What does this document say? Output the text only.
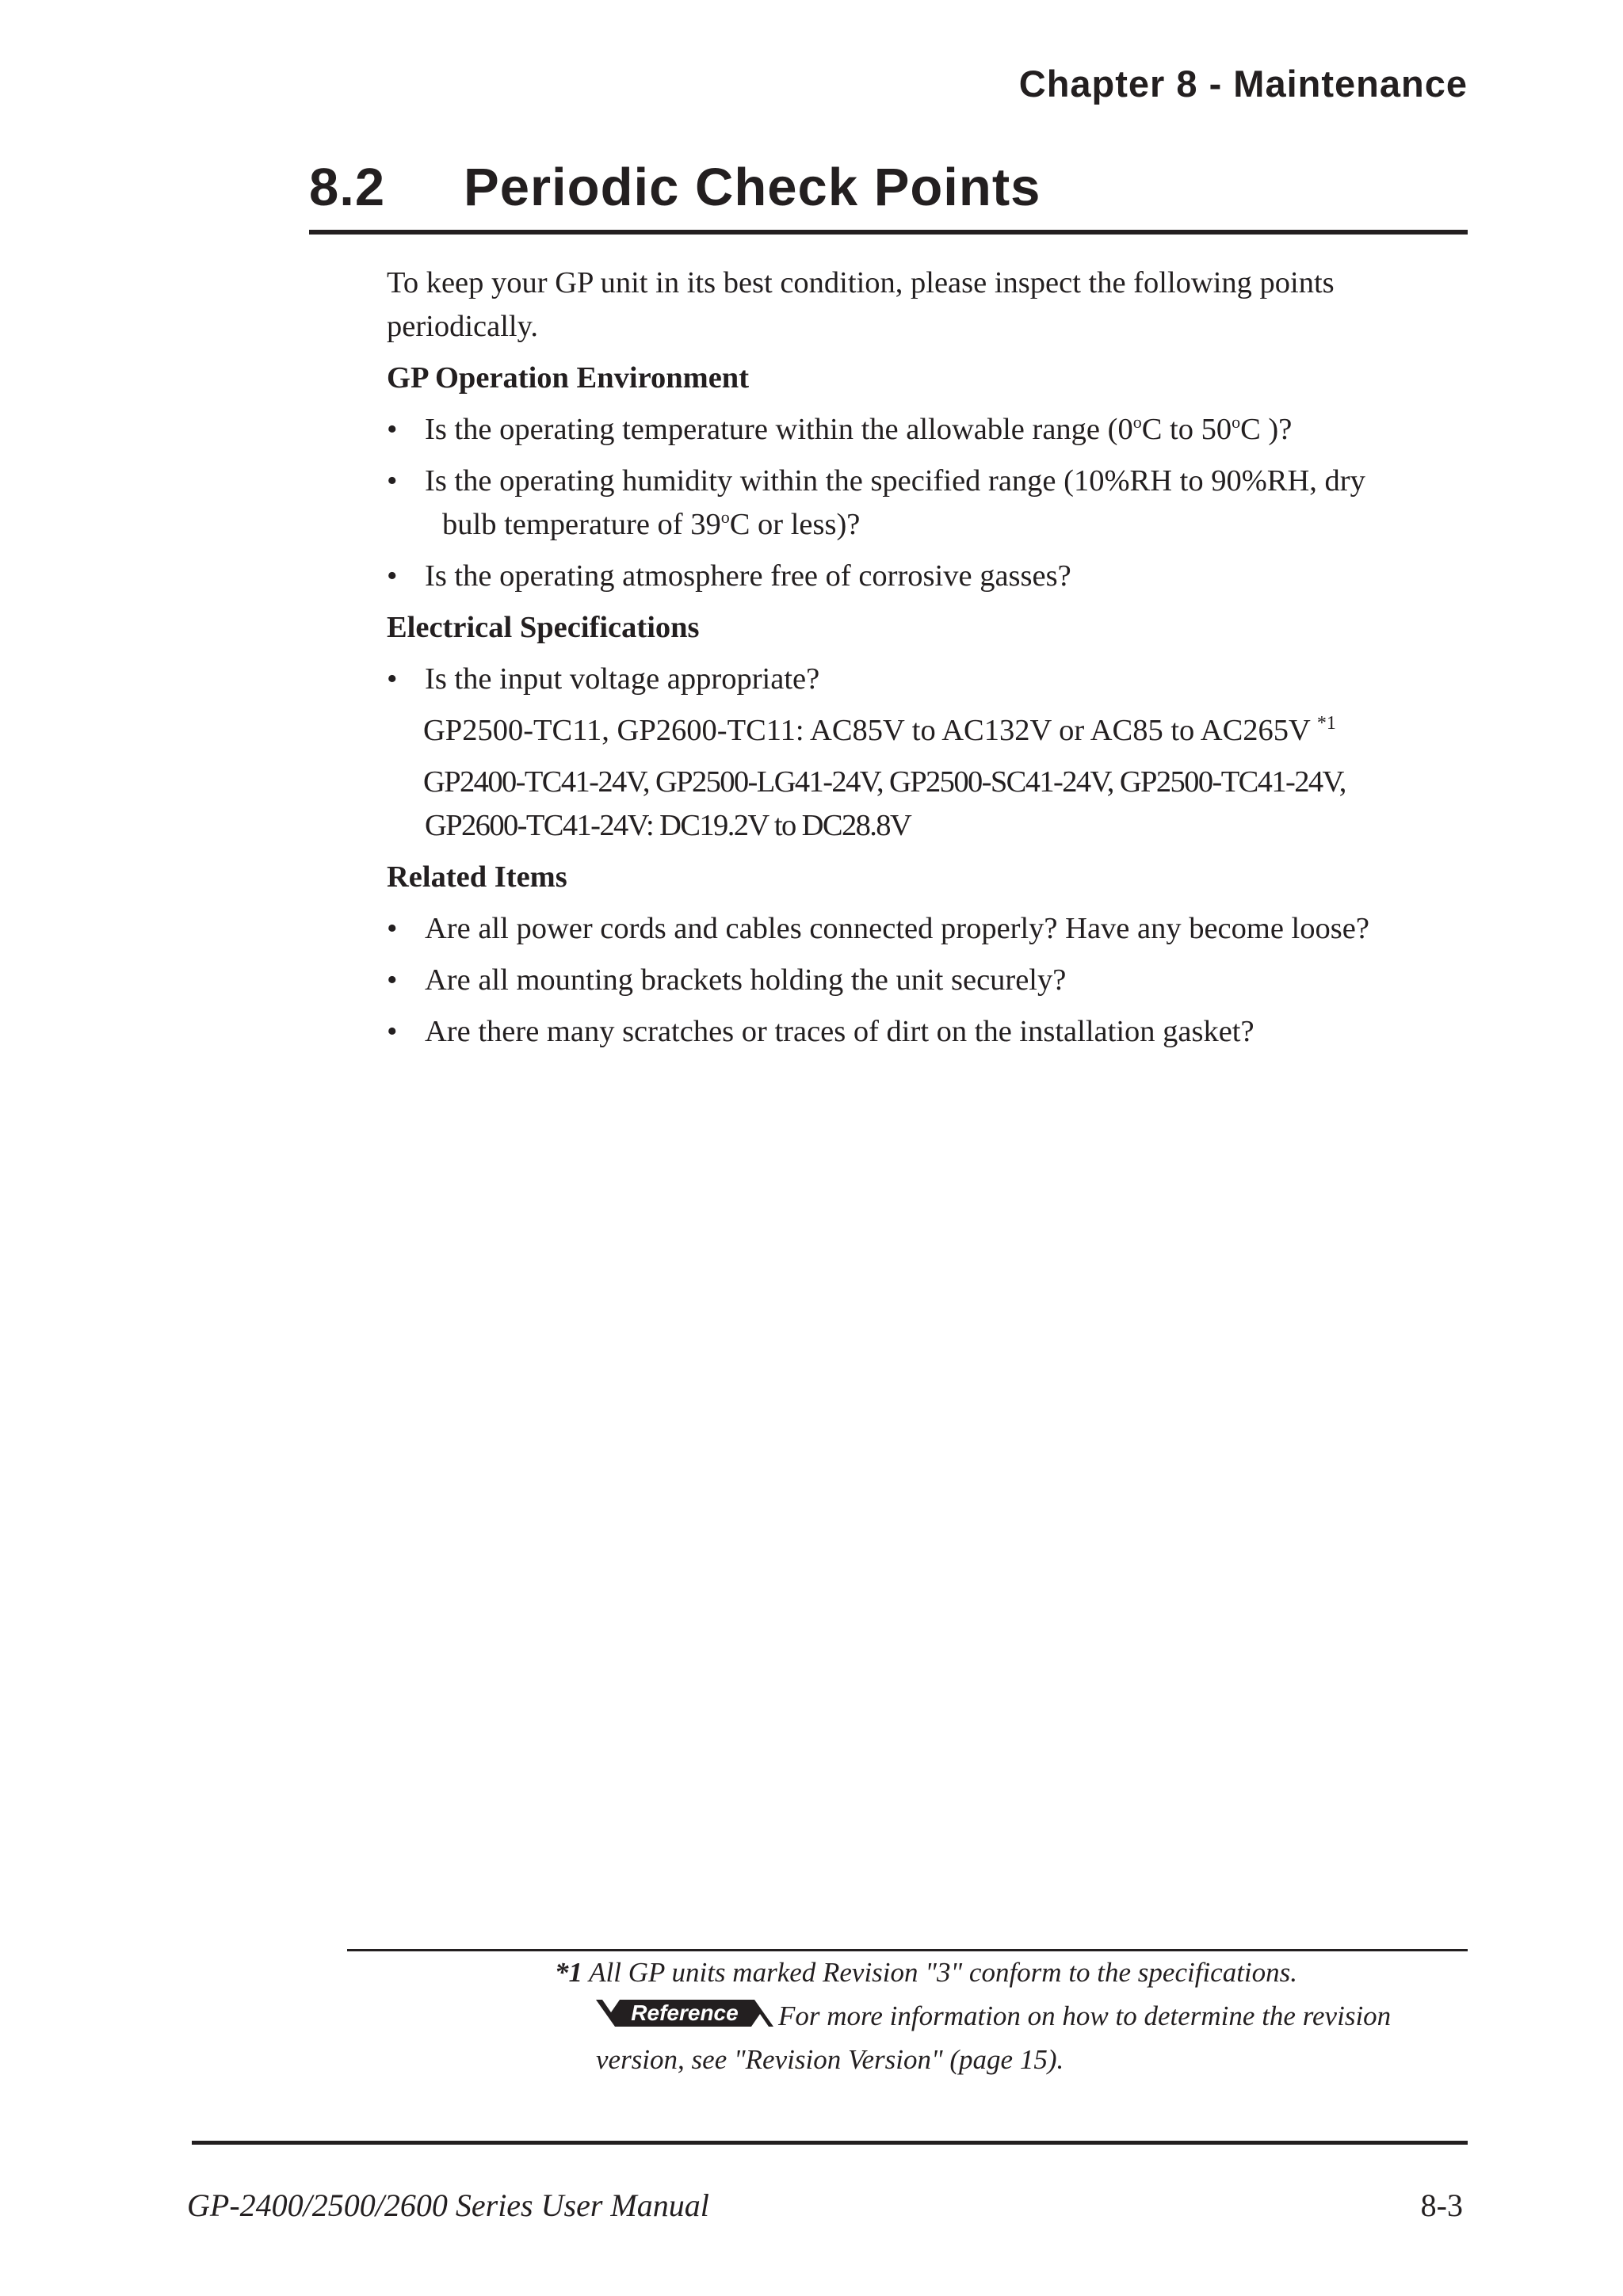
Chapter 8 - Maintenance
8.2 Periodic Check Points

To keep your GP unit in its best condition, please inspect the following points periodically.

GP Operation Environment

• Is the operating temperature within the allowable range (0$^o$C to 50$^o$C )?

• Is the operating humidity within the specified range (10%RH to 90%RH, dry

bulb temperature of 39$^o$C or less)?

• Is the operating atmosphere free of corrosive gasses?

Electrical Specifications

• Is the input voltage appropriate?

GP2500-TC11, GP2600-TC11: AC85V to AC132V or AC85 to AC265V $^{*1}$

GP2400-TC41-24V, GP2500-LG41-24V, GP2500-SC41-24V, GP2500-TC41-24V,

GP2600-TC41-24V: DC19.2V to DC28.8V

Related Items

• Are all power cords and cables connected properly? Have any become loose?

• Are all mounting brackets holding the unit securely?

• Are there many scratches or traces of dirt on the installation gasket?

*1 All GP units marked Revision "3" conform to the specifications.

Reference	For more information on how to determine the revision

version, see "Revision Version" (page 15).

GP-2400/2500/2600 Series User Manual	8-3
